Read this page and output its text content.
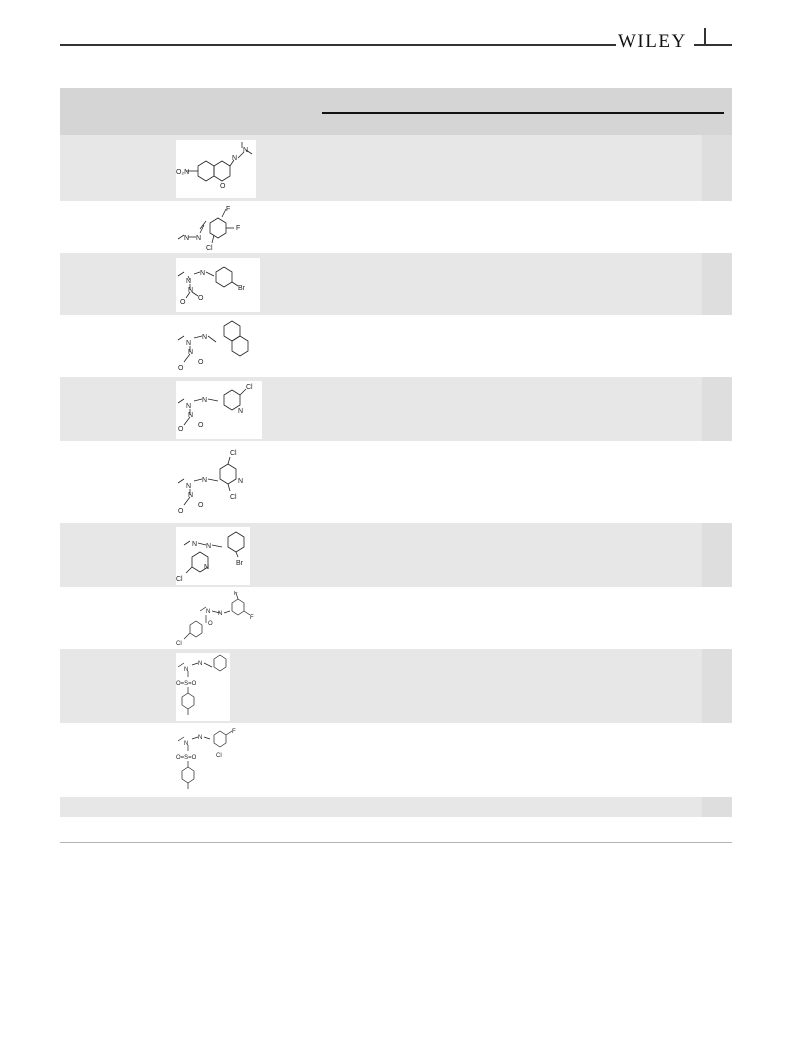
WILEY
N
N
O
O₂N
N N
F
F
Cl
N
N
N
O
O
Br
N
N
N
O
O
N
N
N
O
O
Cl
N
N
N
N
O
O
Cl
Cl
N
N N
N
Br
Cl
N N
O
F
F
Cl
N
N
O=S=O
N
N
O=S=O	Cl
F
